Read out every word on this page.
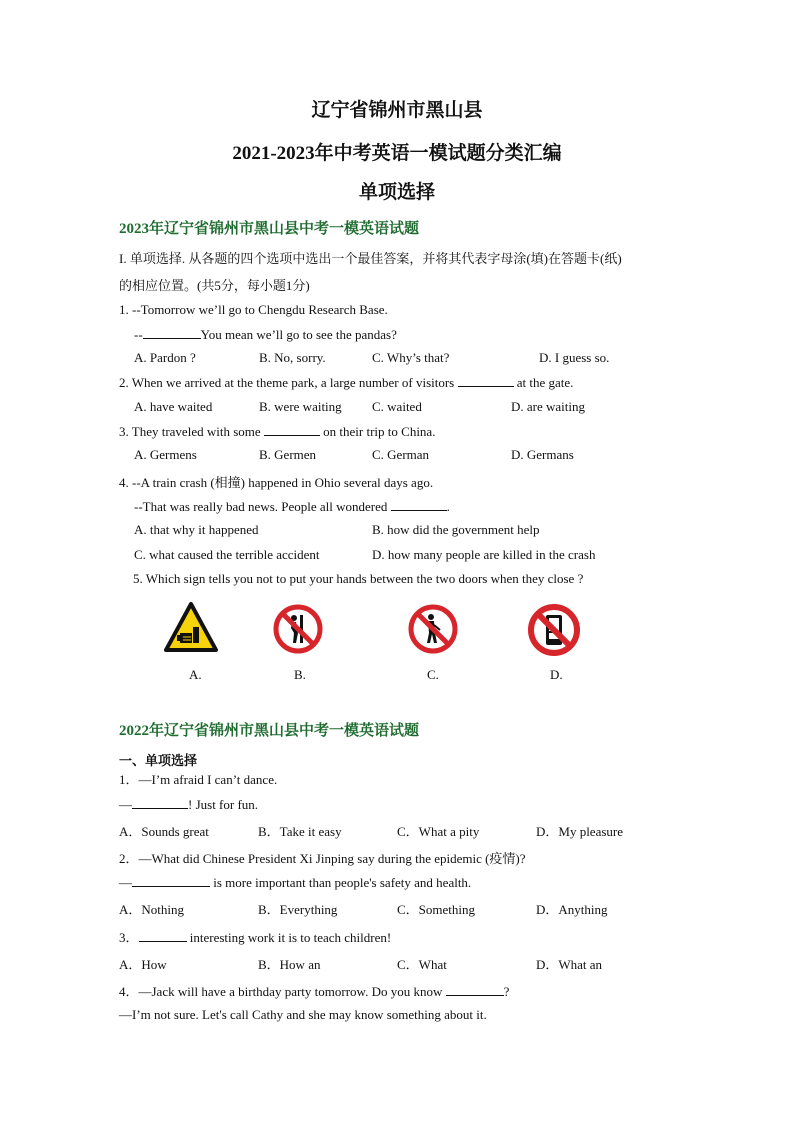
辽宁省锦州市黑山县
2021-2023年中考英语一模试题分类汇编
单项选择
2023年辽宁省锦州市黑山县中考一模英语试题
I. 单项选择. 从各题的四个选项中选出一个最佳答案，并将其代表字母涂(填)在答题卡(纸)
的相应位置。(共5分，每小题1分)
1. --Tomorrow we’ll go to Chengdu Research Base.
--	You mean we’ll go to see the pandas?
A. Pardon ?	B. No, sorry.	C. Why’s that?	D. I guess so.
2. When we arrived at the theme park, a large number of visitors	at the gate.
A. have waited	B. were waiting C. waited	D. are waiting
3. They traveled with some	on their trip to China.
A. Germens	B. Germen	C. German	D. Germans
4. --A train crash (相撞) happened in Ohio several days ago.
--That was really bad news. People all wondered	.
A. that why it happened	B. how did the government help
C. what caused the terrible accident	D. how many people are killed in the crash
5. Which sign tells you not to put your hands between the two doors when they close ?
A.	B.	C.	D.
2022年辽宁省锦州市黑山县中考一模英语试题
一、单项选择
1．—I’m afraid I can’t dance.
—	! Just for fun.
A．Sounds great	B．Take it easy	C．What a pity	D．My pleasure
2．—What did Chinese President Xi Jinping say during the epidemic (疫情)?
—	is more important than people's safety and health.
A．Nothing	B．Everything	C．Something	D．Anything
3．	interesting work it is to teach children!
A．How	B．How an	C．What	D．What an
4．—Jack will have a birthday party tomorrow. Do you know	?
—I’m not sure. Let's call Cathy and she may know something about it.
